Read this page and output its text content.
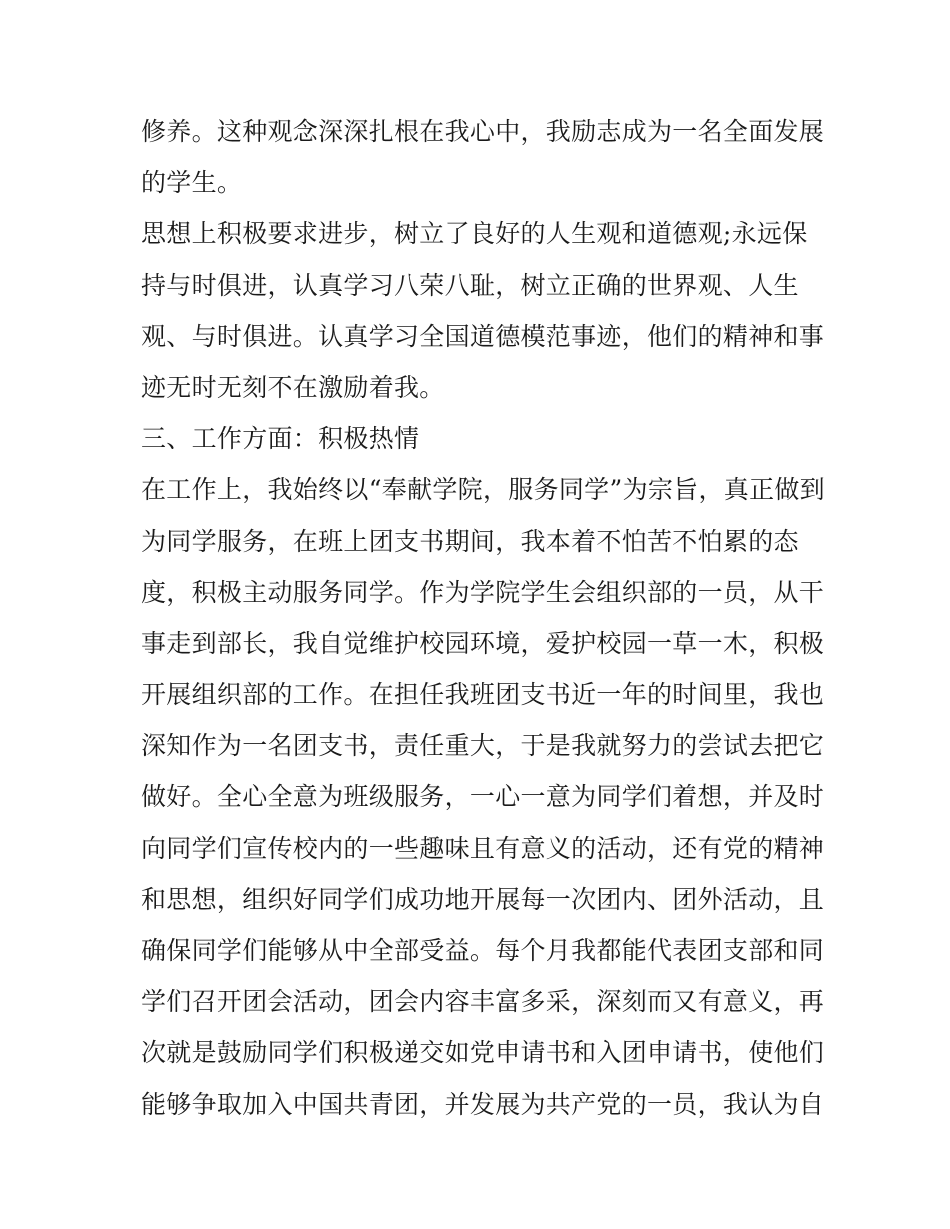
修养。这种观念深深扎根在我心中，我励志成为一名全面发展
的学生。
思想上积极要求进步，树立了良好的人生观和道德观;永远保
持与时俱进，认真学习八荣八耻，树立正确的世界观、人生
观、与时俱进。认真学习全国道德模范事迹，他们的精神和事
迹无时无刻不在激励着我。
三、工作方面：积极热情
在工作上，我始终以“奉献学院，服务同学”为宗旨，真正做到
为同学服务，在班上团支书期间，我本着不怕苦不怕累的态
度，积极主动服务同学。作为学院学生会组织部的一员，从干
事走到部长，我自觉维护校园环境，爱护校园一草一木，积极
开展组织部的工作。在担任我班团支书近一年的时间里，我也
深知作为一名团支书，责任重大，于是我就努力的尝试去把它
做好。全心全意为班级服务，一心一意为同学们着想，并及时
向同学们宣传校内的一些趣味且有意义的活动，还有党的精神
和思想，组织好同学们成功地开展每一次团内、团外活动，且
确保同学们能够从中全部受益。每个月我都能代表团支部和同
学们召开团会活动，团会内容丰富多采，深刻而又有意义，再
次就是鼓励同学们积极递交如党申请书和入团申请书，使他们
能够争取加入中国共青团，并发展为共产党的一员，我认为自
